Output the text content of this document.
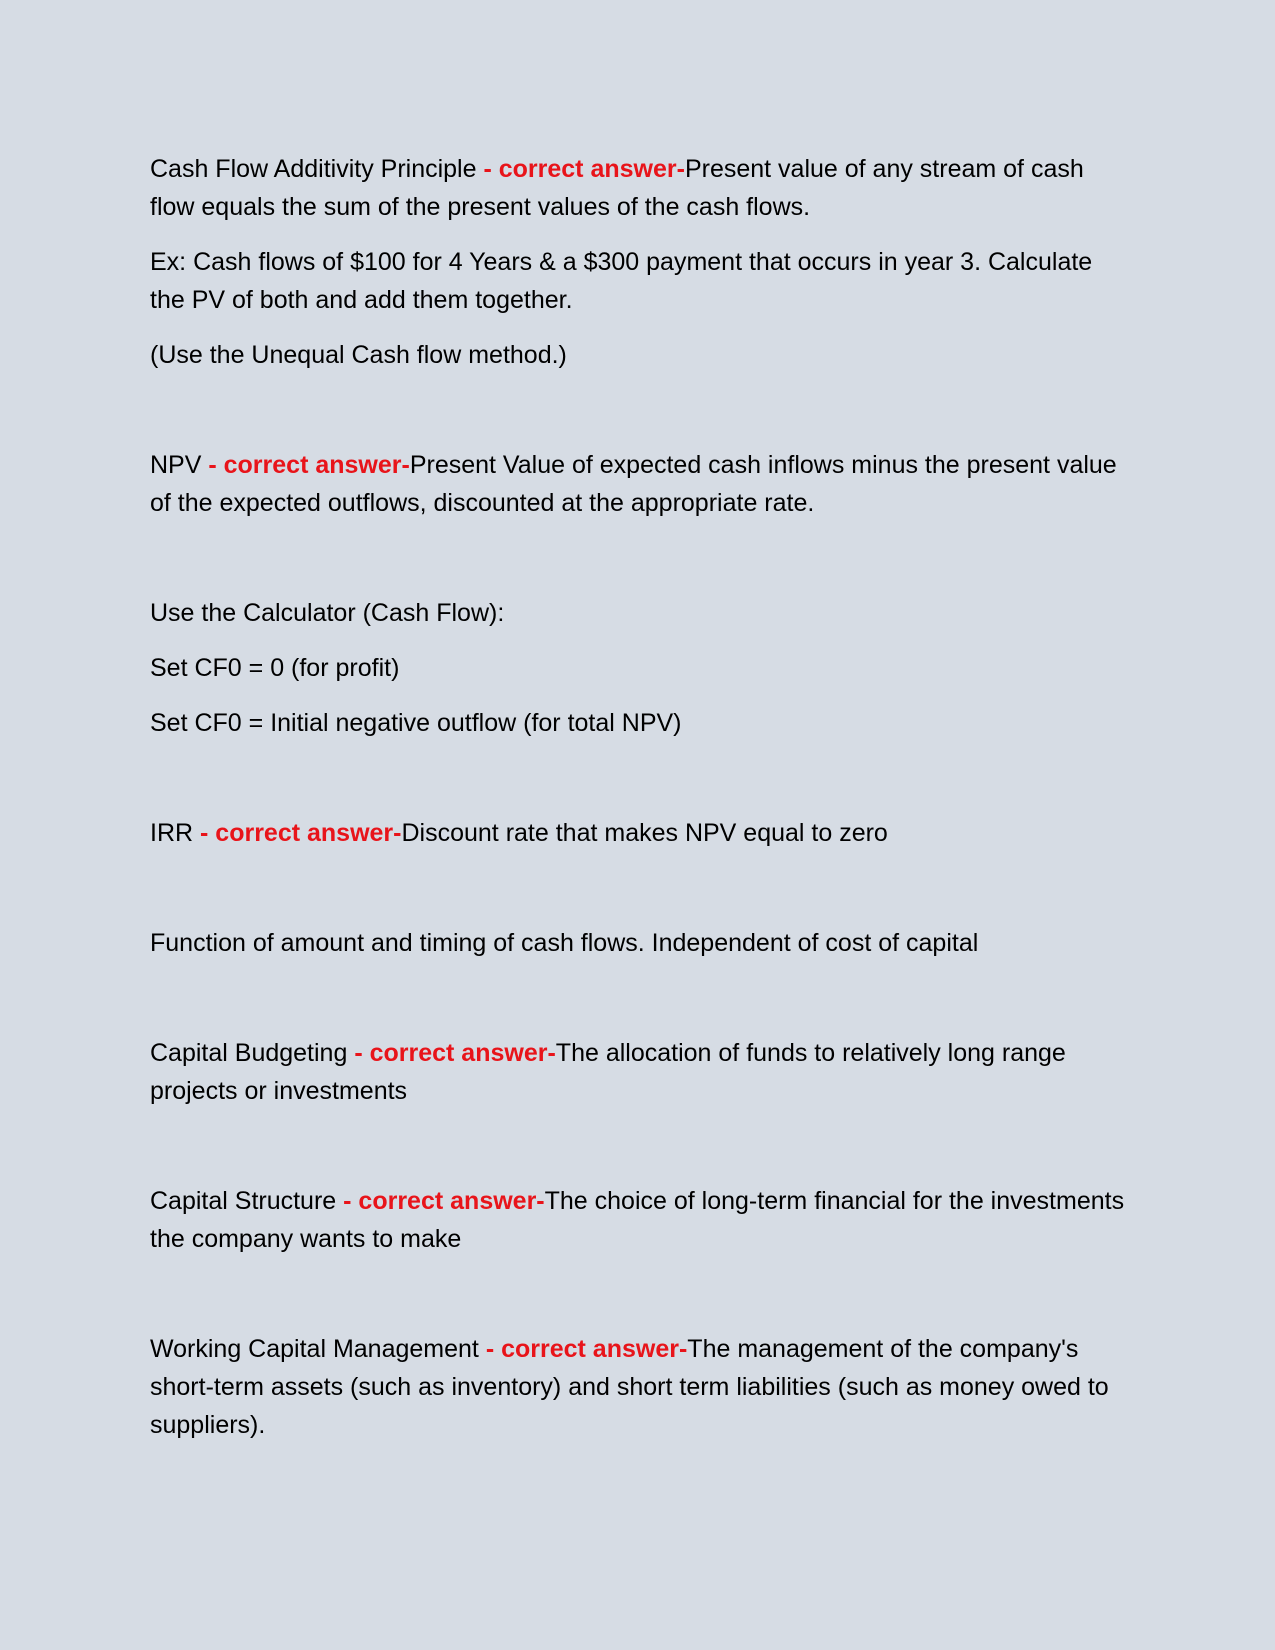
Cash Flow Additivity Principle - correct answer-Present value of any stream of cash flow equals the sum of the present values of the cash flows.

Ex: Cash flows of $100 for 4 Years & a $300 payment that occurs in year 3. Calculate the PV of both and add them together.

(Use the Unequal Cash flow method.)

NPV - correct answer-Present Value of expected cash inflows minus the present value of the expected outflows, discounted at the appropriate rate.

Use the Calculator (Cash Flow):

Set CF0 = 0 (for profit)

Set CF0 = Initial negative outflow (for total NPV)

IRR - correct answer-Discount rate that makes NPV equal to zero

Function of amount and timing of cash flows. Independent of cost of capital

Capital Budgeting - correct answer-The allocation of funds to relatively long range projects or investments

Capital Structure - correct answer-The choice of long-term financial for the investments the company wants to make

Working Capital Management - correct answer-The management of the company's short-term assets (such as inventory) and short term liabilities (such as money owed to suppliers).
